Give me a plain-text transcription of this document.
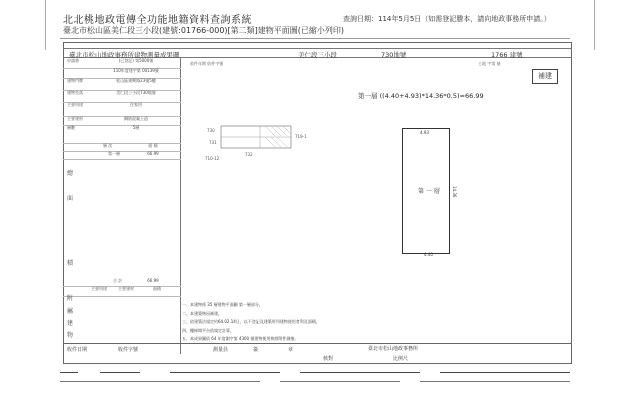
北北桃地政電傳全功能地籍資料查詢系統
臺北市松山區美仁段三小段(建號:01766-000)[第二類]建物平面圖(已縮小列印)
查詢日期：114年5月5日（如需登記謄本，請向地政事務所申請。）
臺北市松山地政事務所建物測量成果圖	美仁段三小段	730地號	1766 建號
收件年期 收件字號	土地 字第 號
申請書	(已登記) 第5000號
110年度建字第 00139號
建物門牌	松山區東興路23號5樓
建物坐落	美仁段三小段730地號
主要用途	住家用
主要建材	鋼筋混凝土造
層數	5層
層 次	面 積
第一層	66.99
總
面
積
合 計	66.99
主要用途	主要建材	面積
附
屬
建
物
730
731
732
719-1
710-12
補建
第一層 ((4.40+4.93)*14.36*0.5)=66.99
4.93
第 一 層	14.36
4.40
一、本建物係 35 層建物平面圖 第一層部分。
二、本建築物因補建。
三、依建築法規定約64.02.14日，以不登記及建築所列建物使用者利及面積。
四、樓梯間平台依規定計算。
五、本成果圖依 64 年度測字第 4300 號建物使用執照附件測繪。
收件日期	收件字號	測量員	簽	章
核對	比例尺
臺北市松山地政事務所
